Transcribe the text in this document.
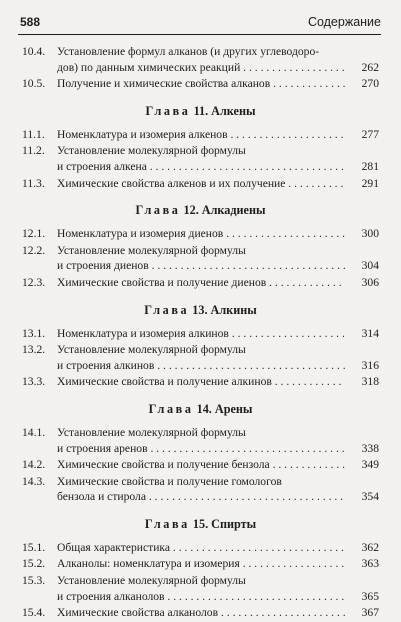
588	Содержание
10.4. Установление формул алканов (и других углеводоро-
дов) по данным химических реакций . . .	262
10.5. Получение и химические свойства алканов . . .	270
Глава 11. Алкены
11.1. Номенклатура и изомерия алкенов . . .	277
11.2. Установление молекулярной формулы
и строения алкена . . .	281
11.3. Химические свойства алкенов и их получение . . .	291
Глава 12. Алкадиены
12.1. Номенклатура и изомерия диенов . . .	300
12.2. Установление молекулярной формулы
и строения диенов . . .	304
12.3. Химические свойства и получение диенов . . .	306
Глава 13. Алкины
13.1. Номенклатура и изомерия алкинов . . .	314
13.2. Установление молекулярной формулы
и строения алкинов . . .	316
13.3. Химические свойства и получение алкинов . . .	318
Глава 14. Арены
14.1. Установление молекулярной формулы
и строения аренов . . .	338
14.2. Химические свойства и получение бензола . . .	349
14.3. Химические свойства и получение гомологов
бензола и стирола . . .	354
Глава 15. Спирты
15.1. Общая характеристика . . .	362
15.2. Алканолы: номенклатура и изомерия . . .	363
15.3. Установление молекулярной формулы
и строения алканолов . . .	365
15.4. Химические свойства алканолов . . .	367
